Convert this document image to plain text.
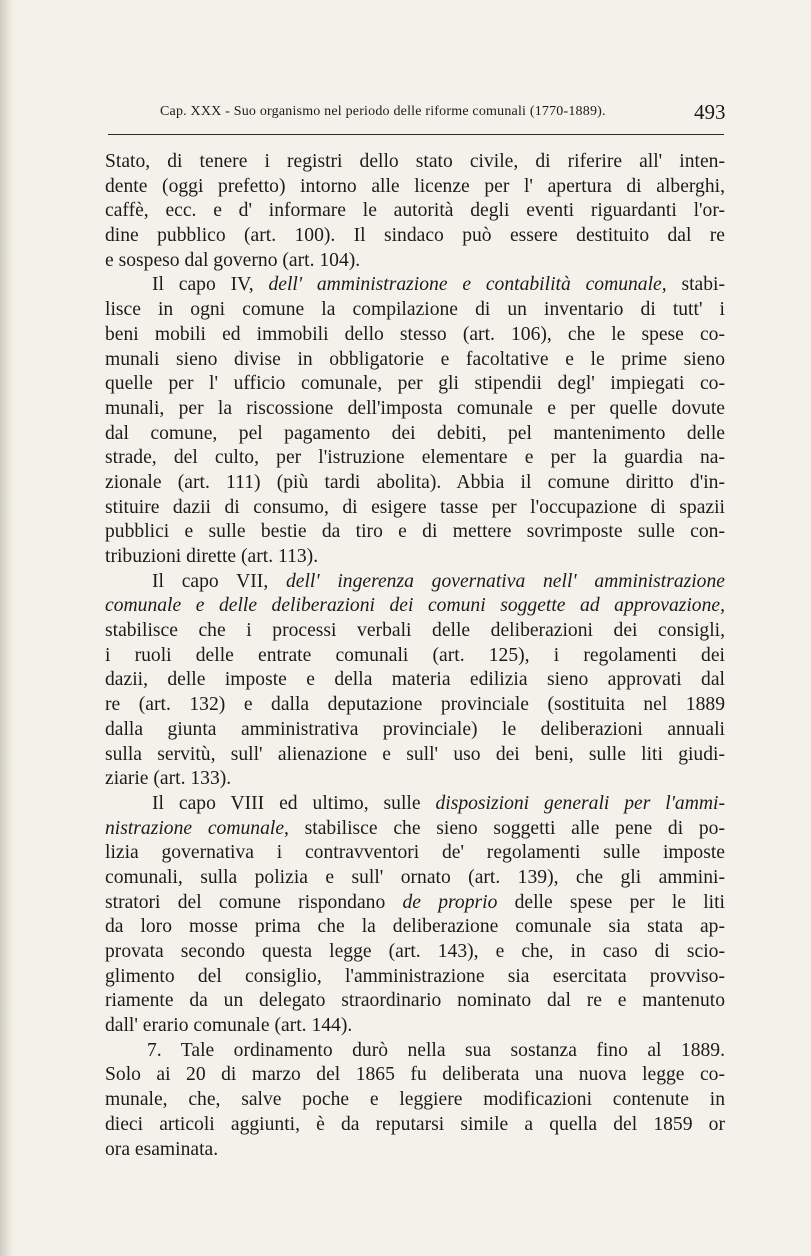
Cap. XXX - Suo organismo nel periodo delle riforme comunali (1770-1889).	493
Stato, di tenere i registri dello stato civile, di riferire all' inten-
dente (oggi prefetto) intorno alle licenze per l' apertura di alberghi,
caffè, ecc. e d' informare le autorità degli eventi riguardanti l'or-
dine pubblico (art. 100). Il sindaco può essere destituito dal re
e sospeso dal governo (art. 104).
Il capo IV, dell' amministrazione e contabilità comunale, stabi-
lisce in ogni comune la compilazione di un inventario di tutt' i
beni mobili ed immobili dello stesso (art. 106), che le spese co-
munali sieno divise in obbligatorie e facoltative e le prime sieno
quelle per l' ufficio comunale, per gli stipendii degl' impiegati co-
munali, per la riscossione dell'imposta comunale e per quelle dovute
dal comune, pel pagamento dei debiti, pel mantenimento delle
strade, del culto, per l'istruzione elementare e per la guardia na-
zionale (art. 111) (più tardi abolita). Abbia il comune diritto d'in-
stituire dazii di consumo, di esigere tasse per l'occupazione di spazii
pubblici e sulle bestie da tiro e di mettere sovrimposte sulle con-
tribuzioni dirette (art. 113).
Il capo VII, dell' ingerenza governativa nell' amministrazione
comunale e delle deliberazioni dei comuni soggette ad approvazione,
stabilisce che i processi verbali delle deliberazioni dei consigli,
i ruoli delle entrate comunali (art. 125), i regolamenti dei
dazii, delle imposte e della materia edilizia sieno approvati dal
re (art. 132) e dalla deputazione provinciale (sostituita nel 1889
dalla giunta amministrativa provinciale) le deliberazioni annuali
sulla servitù, sull' alienazione e sull' uso dei beni, sulle liti giudi-
ziarie (art. 133).
Il capo VIII ed ultimo, sulle disposizioni generali per l'ammi-
nistrazione comunale, stabilisce che sieno soggetti alle pene di po-
lizia governativa i contravventori de' regolamenti sulle imposte
comunali, sulla polizia e sull' ornato (art. 139), che gli ammini-
stratori del comune rispondano de proprio delle spese per le liti
da loro mosse prima che la deliberazione comunale sia stata ap-
provata secondo questa legge (art. 143), e che, in caso di scio-
glimento del consiglio, l'amministrazione sia esercitata provviso-
riamente da un delegato straordinario nominato dal re e mantenuto
dall' erario comunale (art. 144).
7. Tale ordinamento durò nella sua sostanza fino al 1889.
Solo ai 20 di marzo del 1865 fu deliberata una nuova legge co-
munale, che, salve poche e leggiere modificazioni contenute in
dieci articoli aggiunti, è da reputarsi simile a quella del 1859 or
ora esaminata.
